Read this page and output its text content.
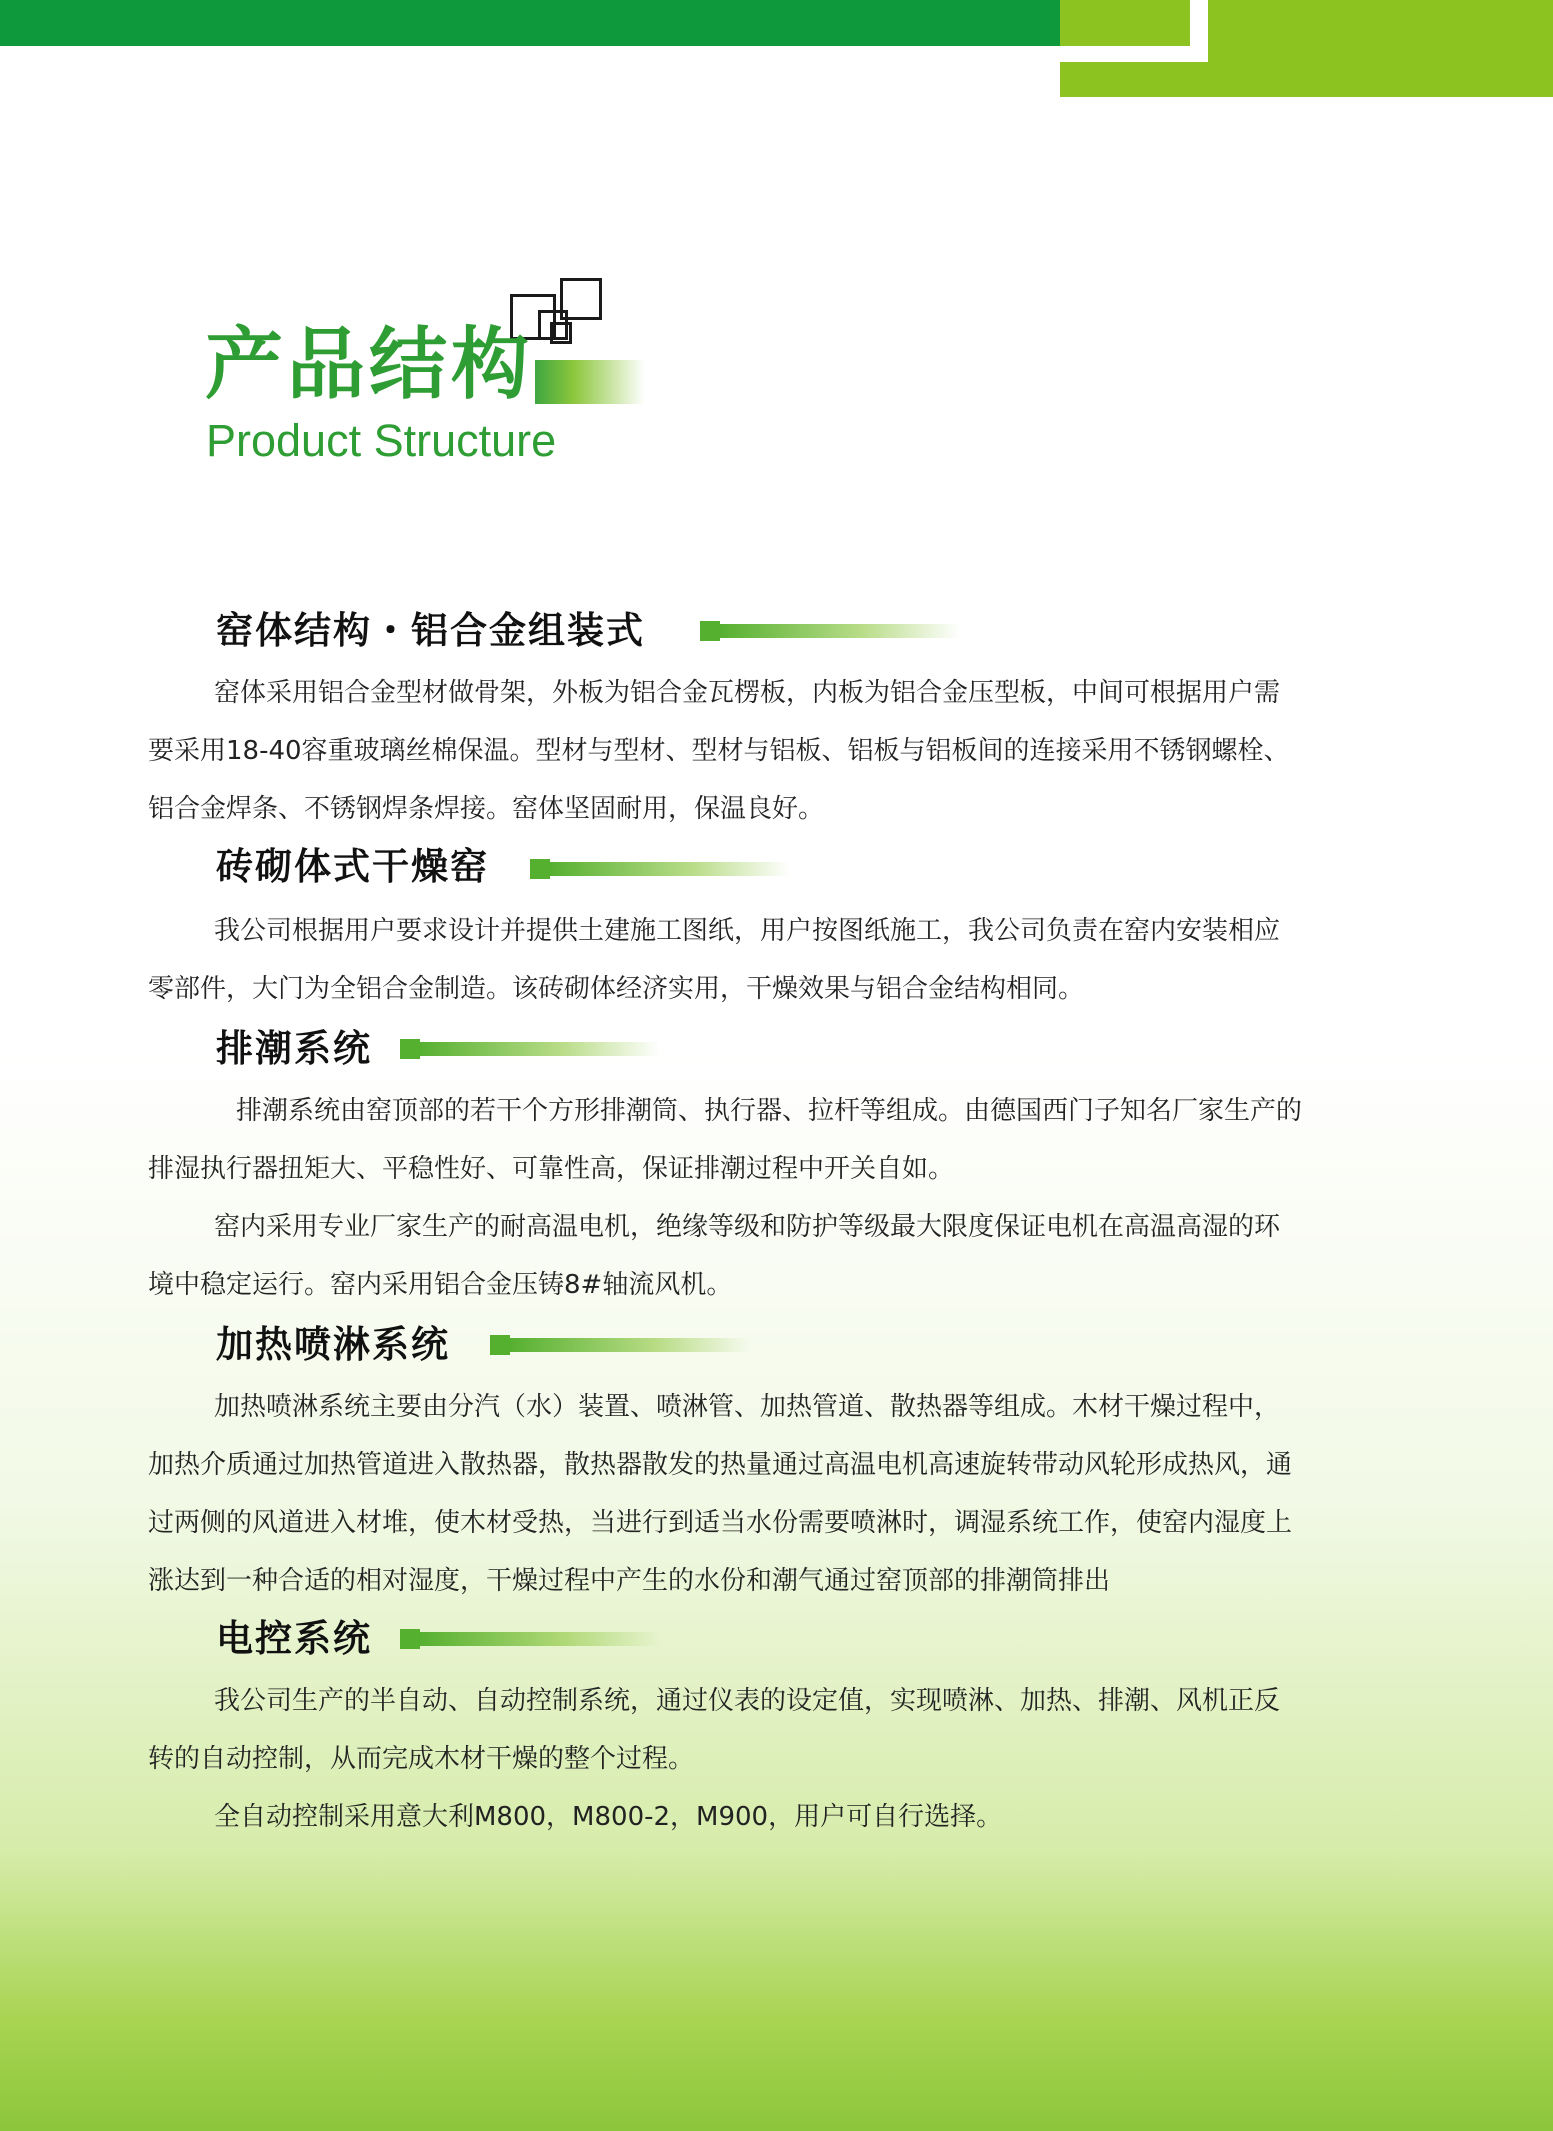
产品结构
Product Structure
窑体结构・铝合金组装式
窑体采用铝合金型材做骨架，外板为铝合金瓦楞板，内板为铝合金压型板，中间可根据用户需
要采用18-40容重玻璃丝棉保温。型材与型材、型材与铝板、铝板与铝板间的连接采用不锈钢螺栓、
铝合金焊条、不锈钢焊条焊接。窑体坚固耐用，保温良好。
砖砌体式干燥窑
我公司根据用户要求设计并提供土建施工图纸，用户按图纸施工，我公司负责在窑内安装相应
零部件，大门为全铝合金制造。该砖砌体经济实用，干燥效果与铝合金结构相同。
排潮系统
排潮系统由窑顶部的若干个方形排潮筒、执行器、拉杆等组成。由德国西门子知名厂家生产的
排湿执行器扭矩大、平稳性好、可靠性高，保证排潮过程中开关自如。
窑内采用专业厂家生产的耐高温电机，绝缘等级和防护等级最大限度保证电机在高温高湿的环
境中稳定运行。窑内采用铝合金压铸8#轴流风机。
加热喷淋系统
加热喷淋系统主要由分汽（水）装置、喷淋管、加热管道、散热器等组成。木材干燥过程中，
加热介质通过加热管道进入散热器，散热器散发的热量通过高温电机高速旋转带动风轮形成热风，通
过两侧的风道进入材堆，使木材受热，当进行到适当水份需要喷淋时，调湿系统工作，使窑内湿度上
涨达到一种合适的相对湿度，干燥过程中产生的水份和潮气通过窑顶部的排潮筒排出
电控系统
我公司生产的半自动、自动控制系统，通过仪表的设定值，实现喷淋、加热、排潮、风机正反
转的自动控制，从而完成木材干燥的整个过程。
全自动控制采用意大利M800，M800-2，M900，用户可自行选择。
